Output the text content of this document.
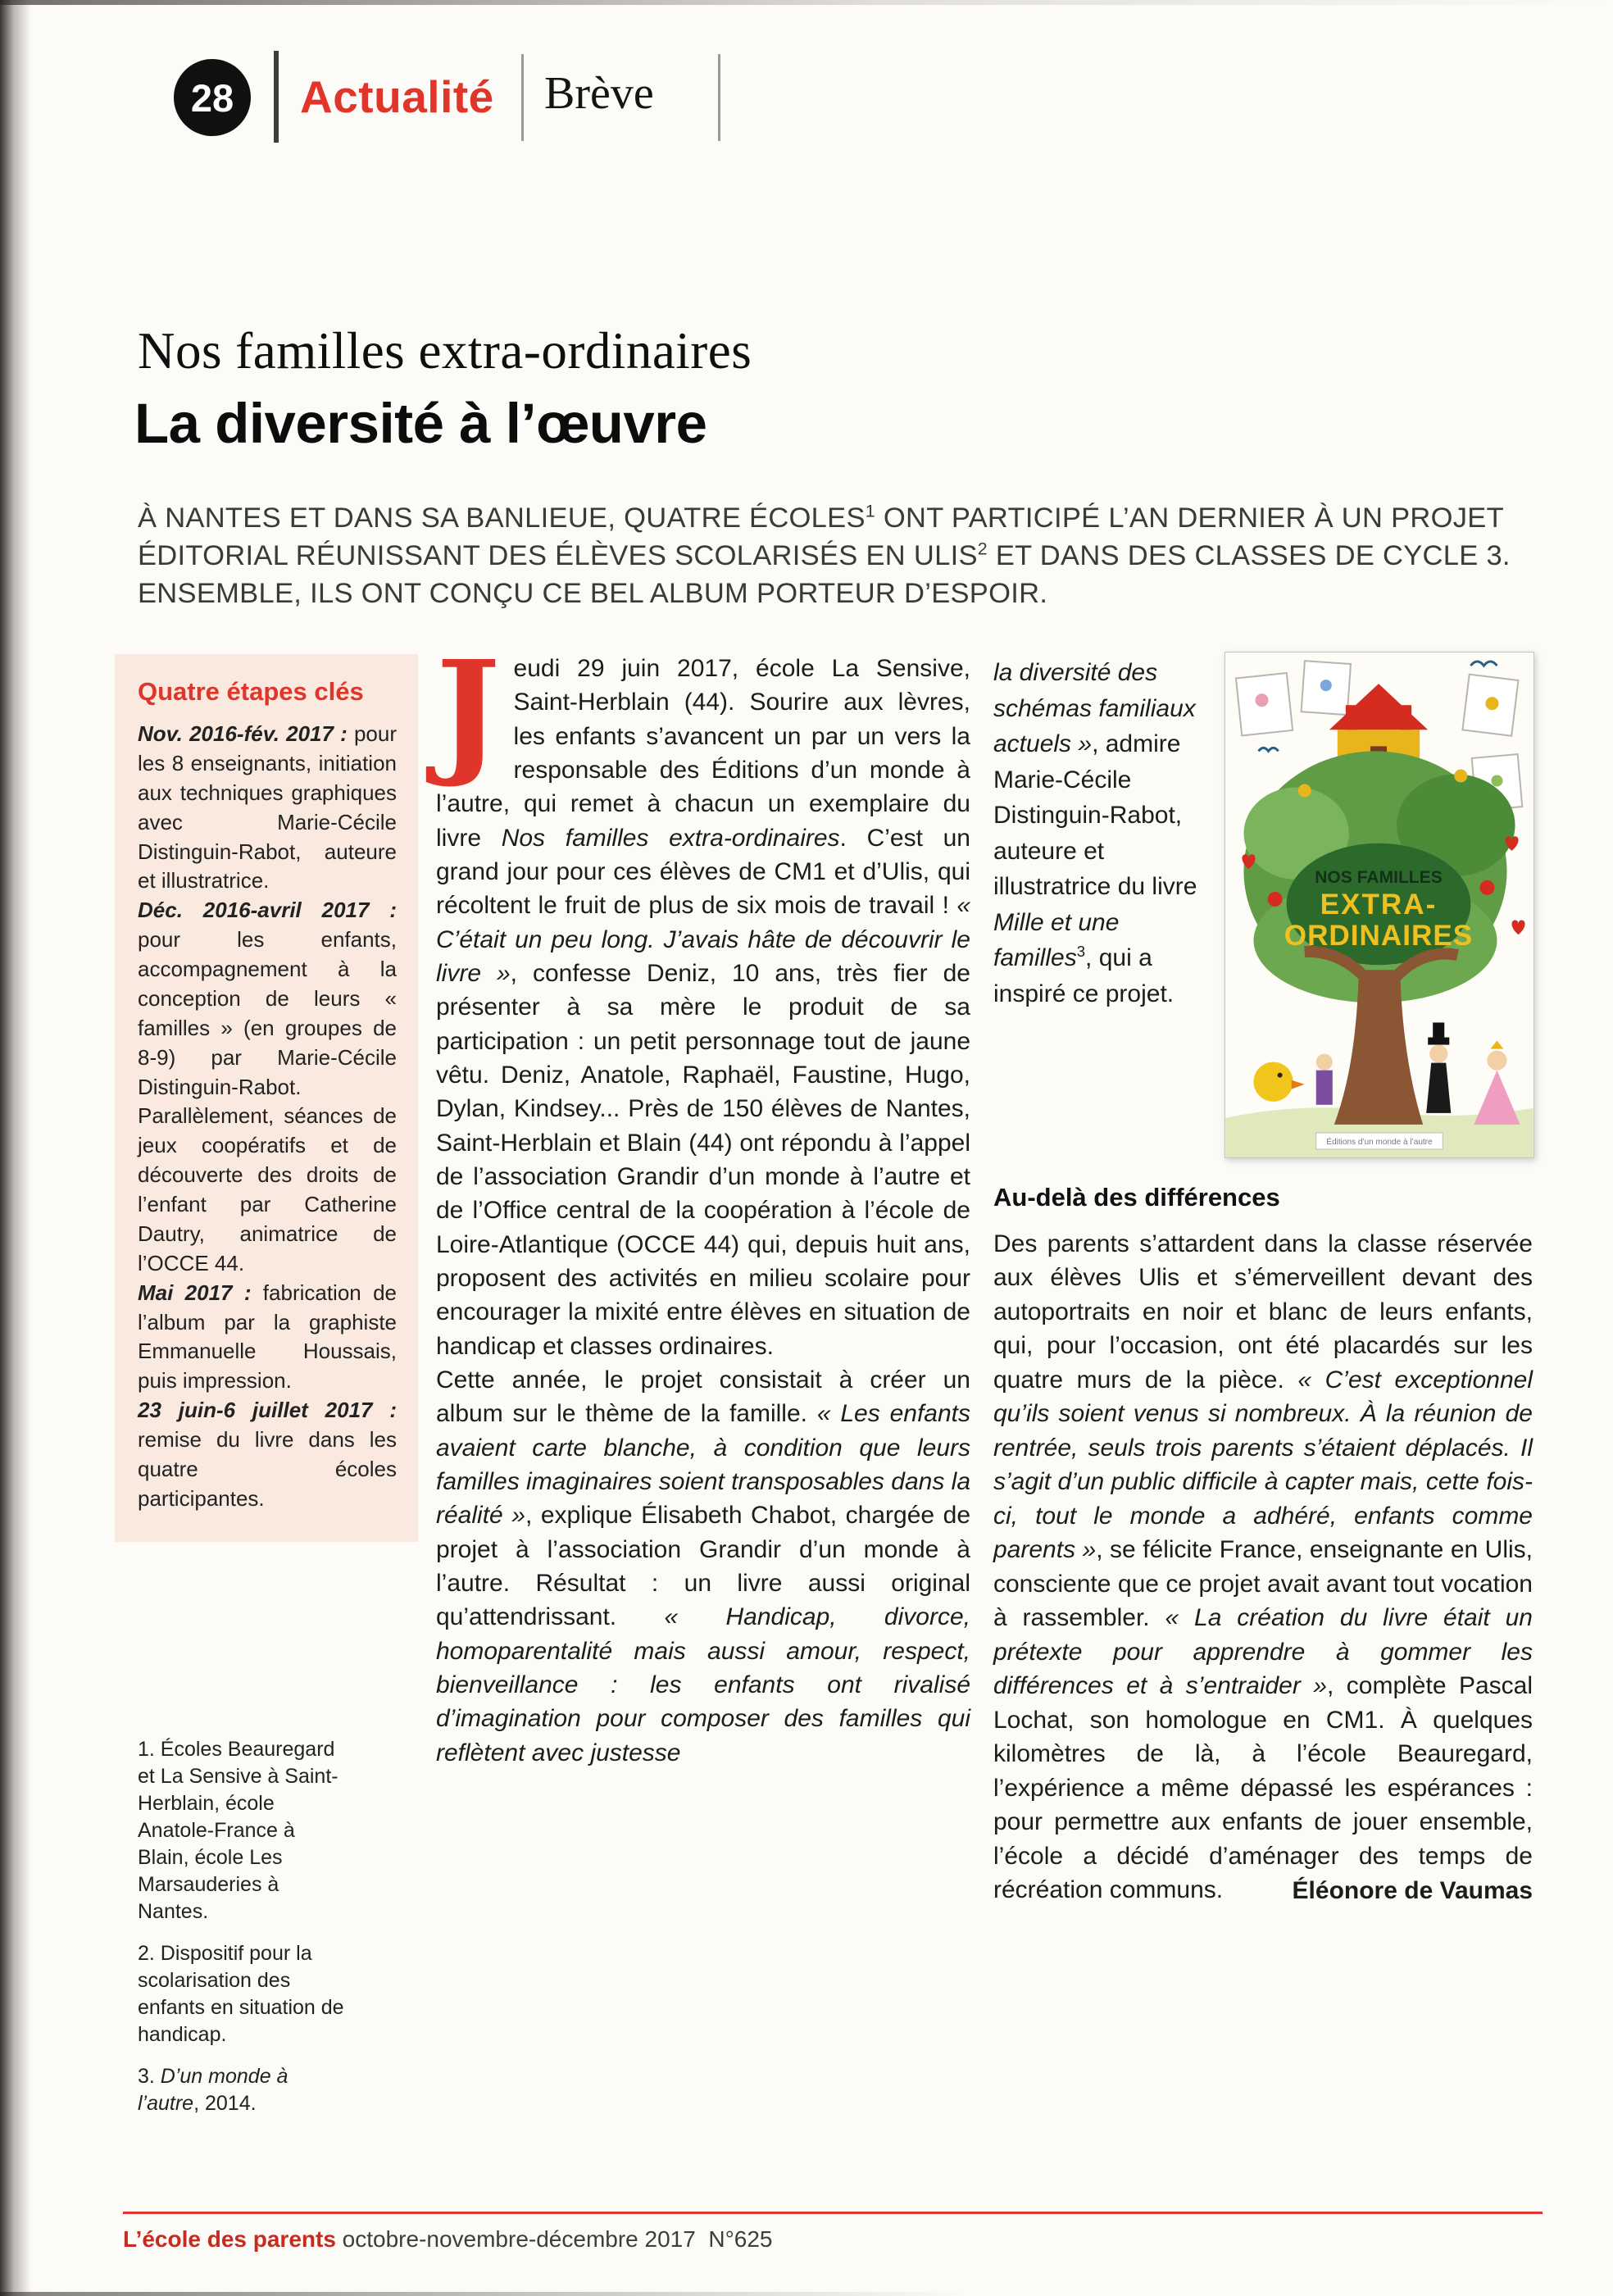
28 Actualité Brève
Nos familles extra-ordinaires
La diversité à l’œuvre
À NANTES ET DANS SA BANLIEUE, QUATRE ÉCOLES$^1$ ONT PARTICIPÉ L’AN DERNIER À UN PROJET ÉDITORIAL RÉUNISSANT DES ÉLÈVES SCOLARISÉS EN ULIS$^2$ ET DANS DES CLASSES DE CYCLE 3. ENSEMBLE, ILS ONT CONÇU CE BEL ALBUM PORTEUR D’ESPOIR.
Quatre étapes clés

Nov. 2016-fév. 2017 : pour les 8 enseignants, initiation aux techniques graphiques avec Marie-Cécile Distinguin-Rabot, auteure et illustratrice.

Déc. 2016-avril 2017 : pour les enfants, accompagnement à la conception de leurs « familles » (en groupes de 8-9) par Marie-Cécile Distinguin-Rabot. Parallèlement, séances de jeux coopératifs et de découverte des droits de l’enfant par Catherine Dautry, animatrice de l’OCCE 44.

Mai 2017 : fabrication de l’album par la graphiste Emmanuelle Houssais, puis impression.

23 juin-6 juillet 2017 : remise du livre dans les quatre écoles participantes.

1. Écoles Beauregard et La Sensive à Saint-Herblain, école Anatole-France à Blain, école Les Marsauderies à Nantes.

2. Dispositif pour la scolarisation des enfants en situation de handicap.

3. D’un monde à l’autre, 2014.

Jeudi 29 juin 2017, école La Sensive, Saint-Herblain (44). Sourire aux lèvres, les enfants s’avancent un par un vers la responsable des Éditions d’un monde à l’autre, qui remet à chacun un exemplaire du livre Nos familles extra-ordinaires. C’est un grand jour pour ces élèves de CM1 et d’Ulis, qui récoltent le fruit de plus de six mois de travail ! « C’était un peu long. J’avais hâte de découvrir le livre », confesse Deniz, 10 ans, très fier de présenter à sa mère le produit de sa participation : un petit personnage tout de jaune vêtu. Deniz, Anatole, Raphaël, Faustine, Hugo, Dylan, Kindsey... Près de 150 élèves de Nantes, Saint-Herblain et Blain (44) ont répondu à l’appel de l’association Grandir d’un monde à l’autre et de l’Office central de la coopération à l’école de Loire-Atlantique (OCCE 44) qui, depuis huit ans, proposent des activités en milieu scolaire pour encourager la mixité entre élèves en situation de handicap et classes ordinaires.

Cette année, le projet consistait à créer un album sur le thème de la famille. « Les enfants avaient carte blanche, à condition que leurs familles imaginaires soient transposables dans la réalité », explique Élisabeth Chabot, chargée de projet à l’association Grandir d’un monde à l’autre. Résultat : un livre aussi original qu’attendrissant. « Handicap, divorce, homoparentalité mais aussi amour, respect, bienveillance : les enfants ont rivalisé d’imagination pour composer des familles qui reflètent avec justesse

la diversité des schémas familiaux actuels », admire Marie-Cécile Distinguin-Rabot, auteure et illustratrice du livre Mille et une familles$^3$, qui a inspiré ce projet.
NOS FAMILLES
EXTRA-
ORDINAIRES
Éditions d’un monde à l’autre
Au-delà des différences

Des parents s’attardent dans la classe réservée aux élèves Ulis et s’émerveillent devant des autoportraits en noir et blanc de leurs enfants, qui, pour l’occasion, ont été placardés sur les quatre murs de la pièce. « C’est exceptionnel qu’ils soient venus si nombreux. À la réunion de rentrée, seuls trois parents s’étaient déplacés. Il s’agit d’un public difficile à capter mais, cette fois-ci, tout le monde a adhéré, enfants comme parents », se félicite France, enseignante en Ulis, consciente que ce projet avait avant tout vocation à rassembler. « La création du livre était un prétexte pour apprendre à gommer les différences et à s’entraider », complète Pascal Lochat, son homologue en CM1. À quelques kilomètres de là, à l’école Beauregard, l’expérience a même dépassé les espérances : pour permettre aux enfants de jouer ensemble, l’école a décidé d’aménager des temps de récréation communs.	Éléonore de Vaumas
L’école des parents octobre-novembre-décembre 2017  N°625
